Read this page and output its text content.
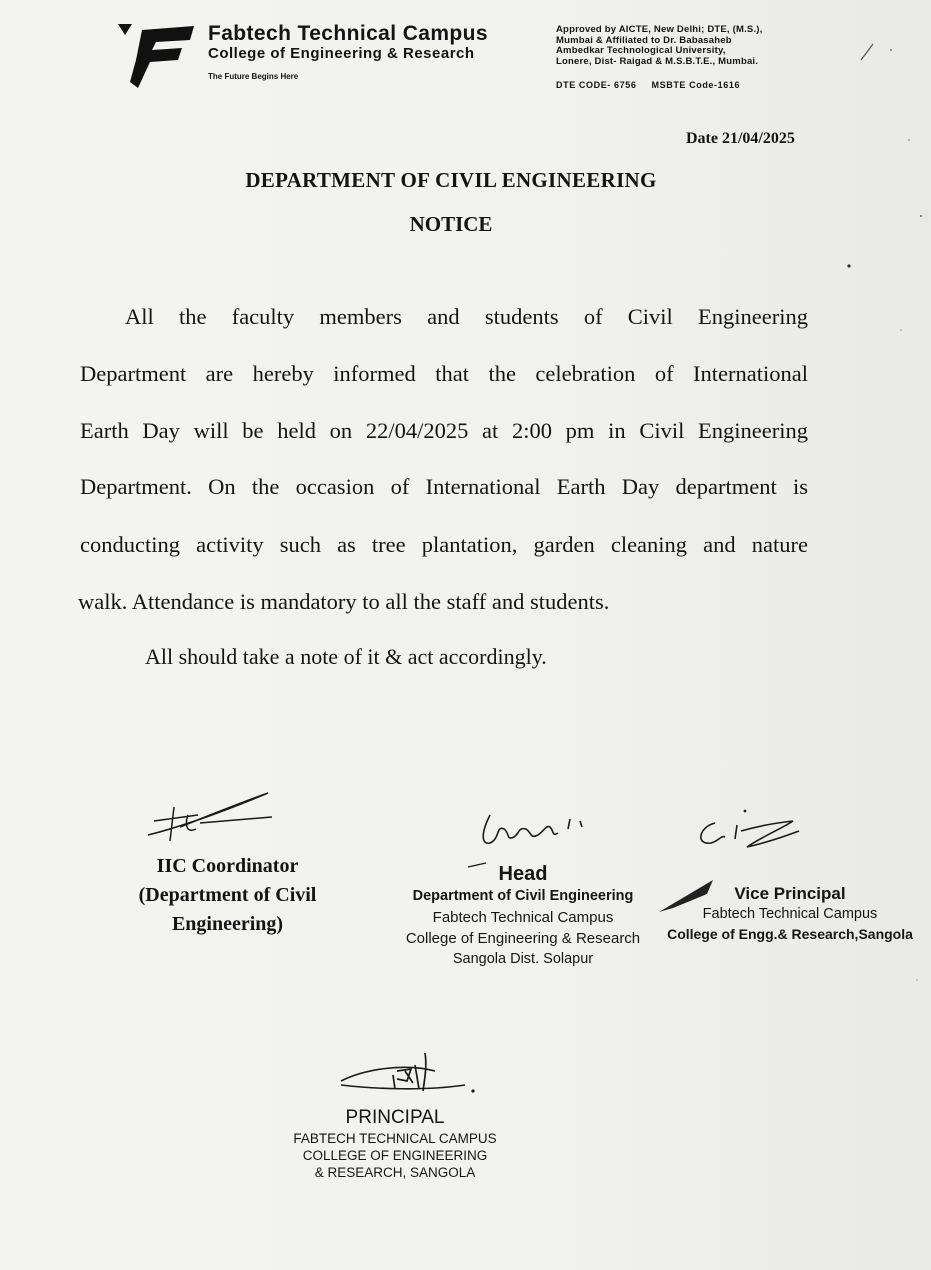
Fabtech Technical Campus
College of Engineering & Research
The Future Begins Here
Approved by AICTE, New Delhi; DTE, (M.S.),
Mumbai & Affiliated to Dr. Babasaheb
Ambedkar Technological University,
Lonere, Dist- Raigad & M.S.B.T.E., Mumbai.
DTE CODE- 6756 MSBTE Code-1616
Date 21/04/2025
DEPARTMENT OF CIVIL ENGINEERING
NOTICE
All the faculty members and students of Civil Engineering
Department are hereby informed that the celebration of International
Earth Day will be held on 22/04/2025 at 2:00 pm in Civil Engineering
Department. On the occasion of International Earth Day department is
conducting activity such as tree plantation, garden cleaning and nature
walk. Attendance is mandatory to all the staff and students.
All should take a note of it & act accordingly.
IIC Coordinator
(Department of Civil
Engineering)
Head
Department of Civil Engineering
Fabtech Technical Campus
College of Engineering & Research
Sangola Dist. Solapur
Vice Principal
Fabtech Technical Campus
College of Engg.& Research,Sangola
PRINCIPAL
FABTECH TECHNICAL CAMPUS
COLLEGE OF ENGINEERING
& RESEARCH, SANGOLA
